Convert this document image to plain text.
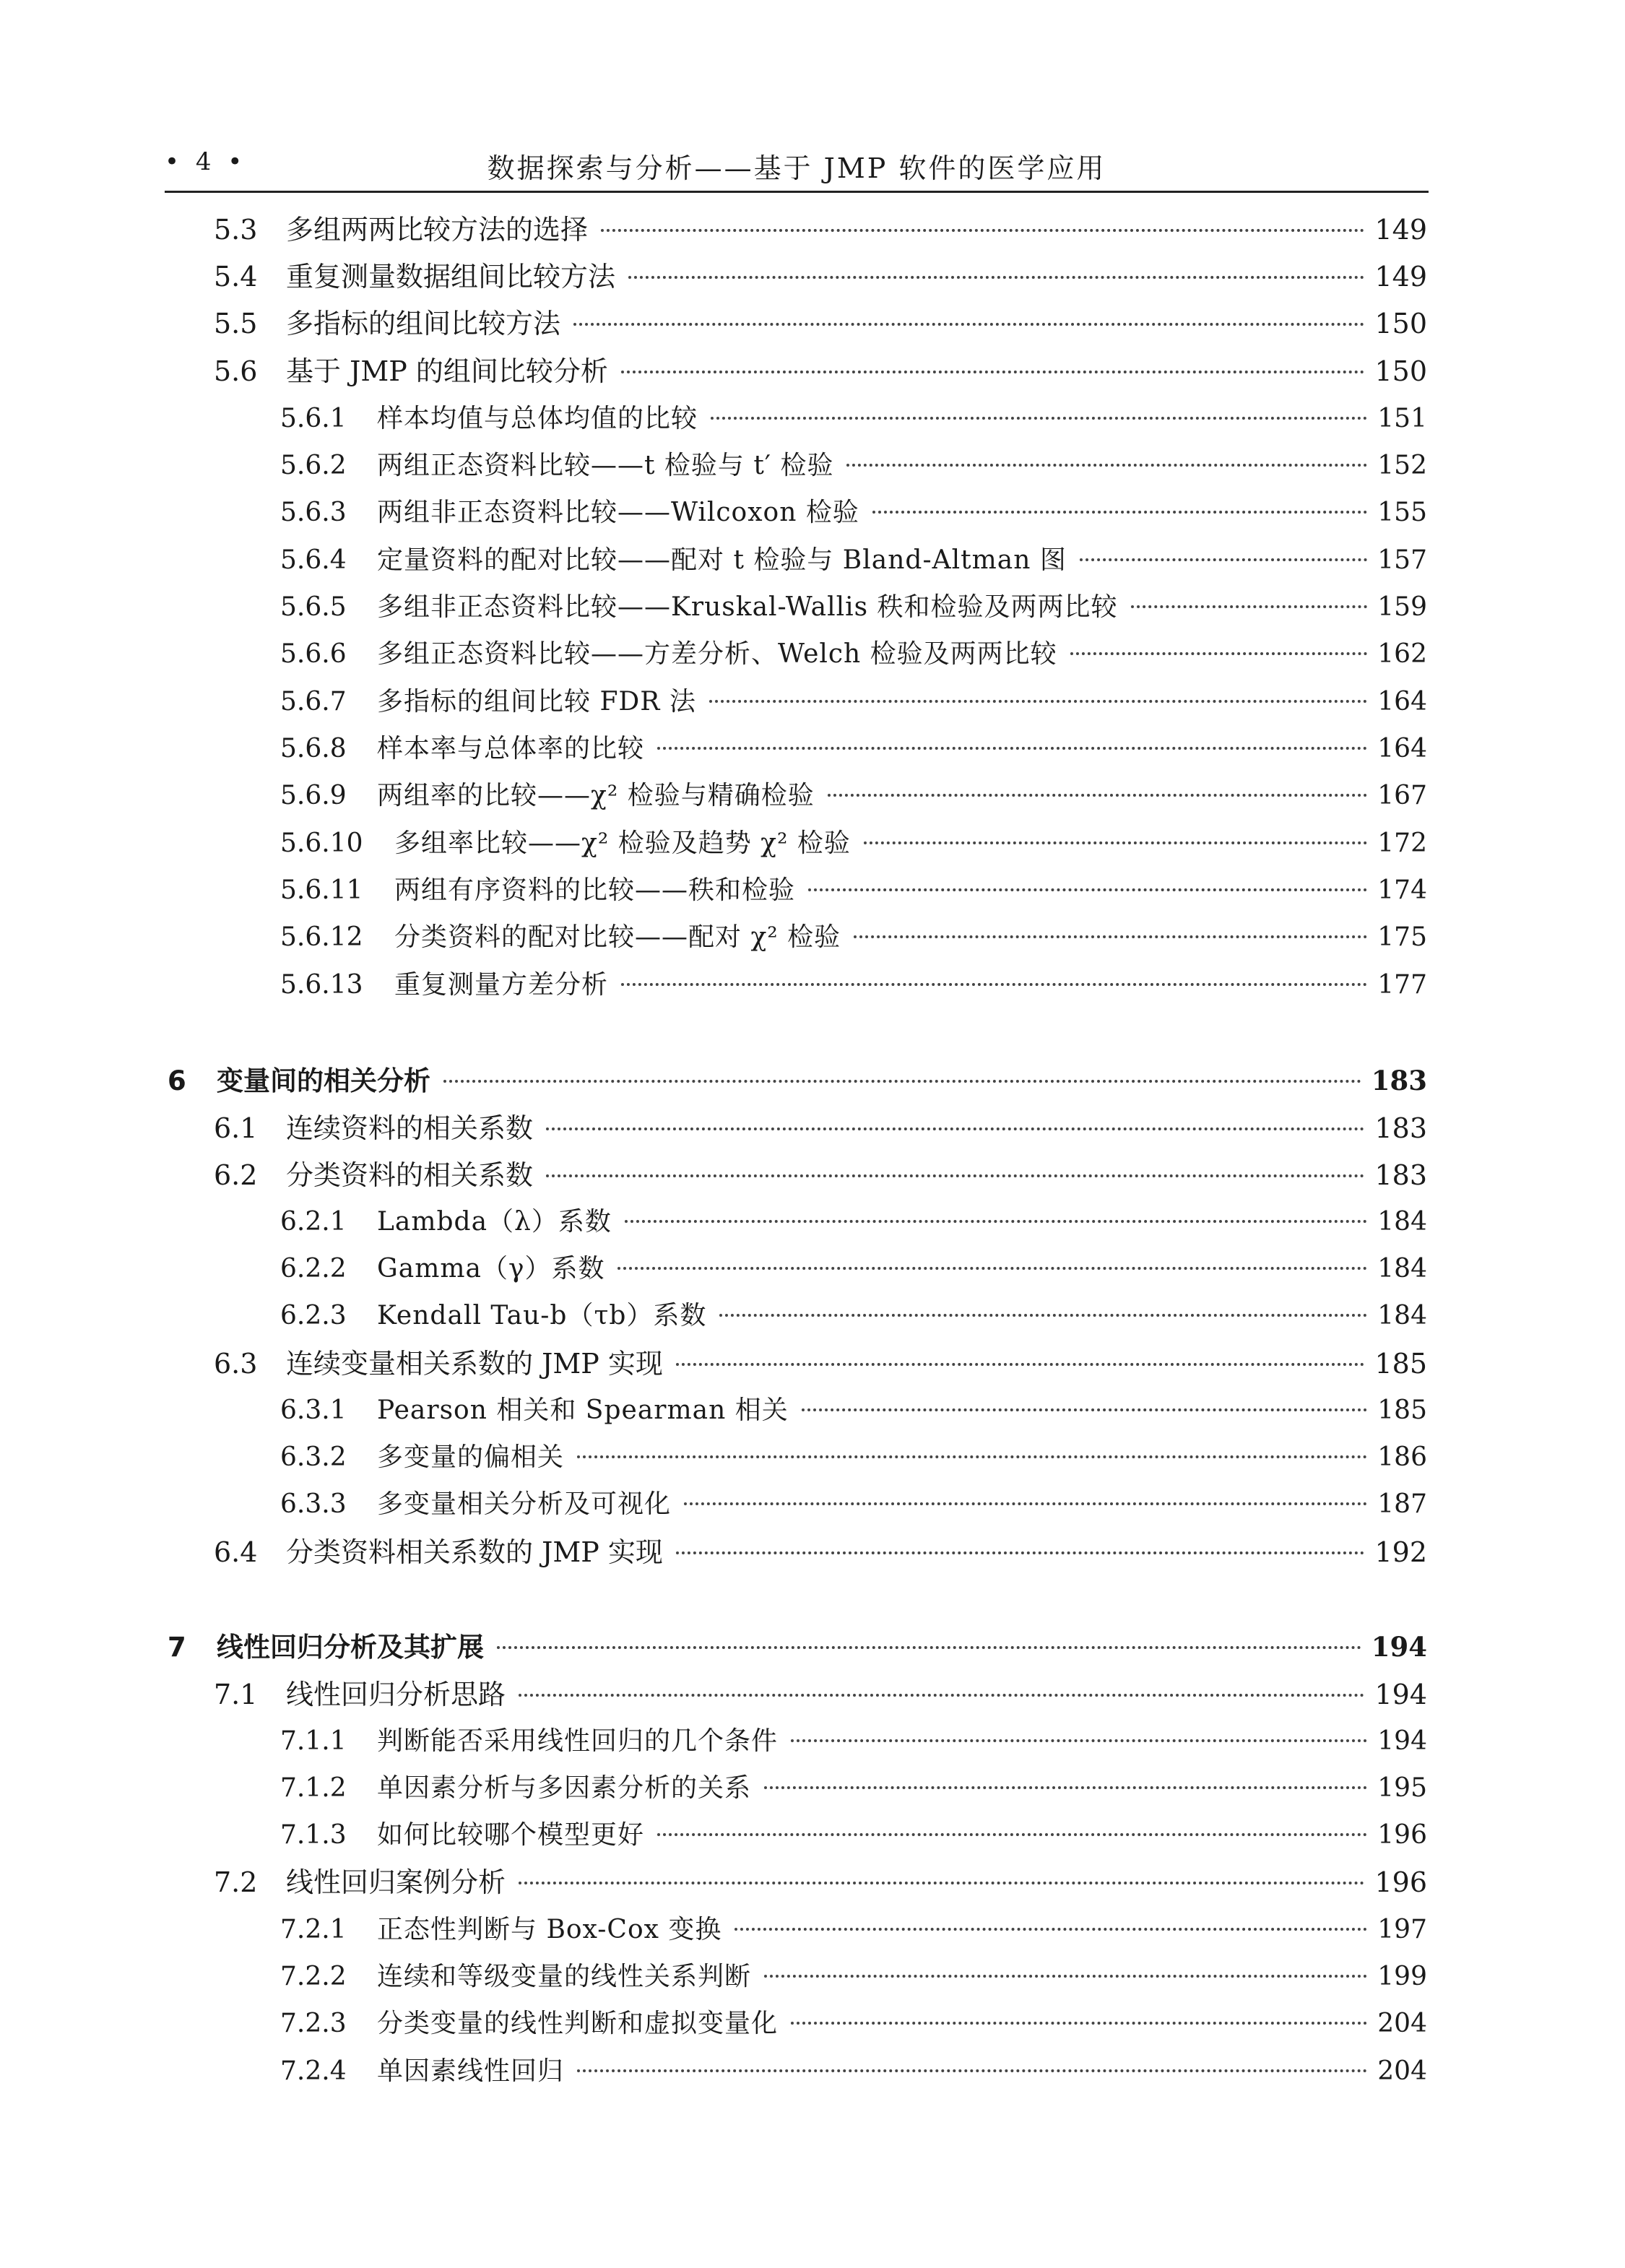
• 4 •	数据探索与分析——基于 JMP 软件的医学应用
5.3	多组两两比较方法的选择	149
5.4	重复测量数据组间比较方法	149
5.5	多指标的组间比较方法	150
5.6	基于 JMP 的组间比较分析	150
5.6.1	样本均值与总体均值的比较	151
5.6.2	两组正态资料比较——t 检验与 t′ 检验	152
5.6.3	两组非正态资料比较——Wilcoxon 检验	155
5.6.4	定量资料的配对比较——配对 t 检验与 Bland-Altman 图	157
5.6.5	多组非正态资料比较——Kruskal-Wallis 秩和检验及两两比较	159
5.6.6	多组正态资料比较——方差分析、Welch 检验及两两比较	162
5.6.7	多指标的组间比较 FDR 法	164
5.6.8	样本率与总体率的比较	164
5.6.9	两组率的比较——χ² 检验与精确检验	167
5.6.10	多组率比较——χ² 检验及趋势 χ² 检验	172
5.6.11	两组有序资料的比较——秩和检验	174
5.6.12	分类资料的配对比较——配对 χ² 检验	175
5.6.13	重复测量方差分析	177
6	变量间的相关分析	183
6.1	连续资料的相关系数	183
6.2	分类资料的相关系数	183
6.2.1	Lambda（λ）系数	184
6.2.2	Gamma（γ）系数	184
6.2.3	Kendall Tau-b（τb）系数	184
6.3	连续变量相关系数的 JMP 实现	185
6.3.1	Pearson 相关和 Spearman 相关	185
6.3.2	多变量的偏相关	186
6.3.3	多变量相关分析及可视化	187
6.4	分类资料相关系数的 JMP 实现	192
7	线性回归分析及其扩展	194
7.1	线性回归分析思路	194
7.1.1	判断能否采用线性回归的几个条件	194
7.1.2	单因素分析与多因素分析的关系	195
7.1.3	如何比较哪个模型更好	196
7.2	线性回归案例分析	196
7.2.1	正态性判断与 Box-Cox 变换	197
7.2.2	连续和等级变量的线性关系判断	199
7.2.3	分类变量的线性判断和虚拟变量化	204
7.2.4	单因素线性回归	204
